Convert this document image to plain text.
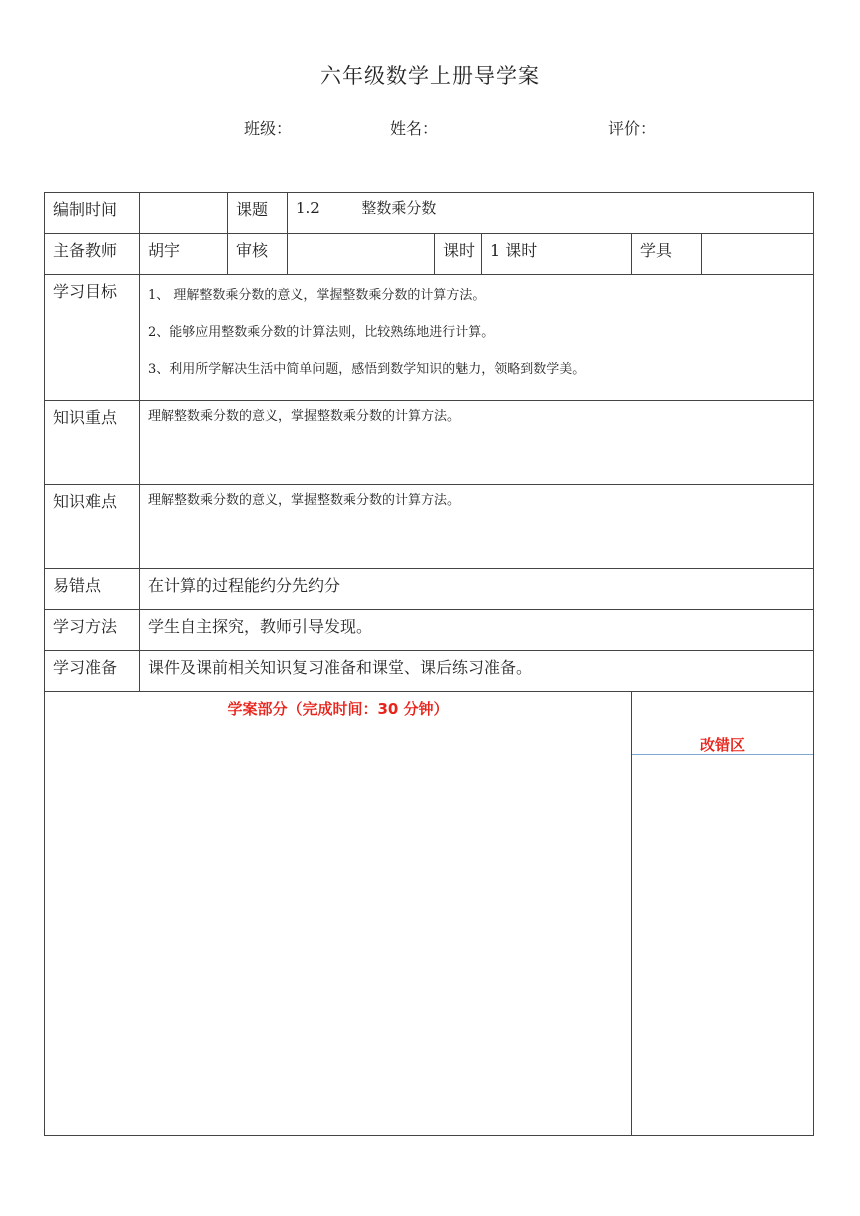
六年级数学上册导学案
班级：	姓名：	评价：
编制时间		课题	1.2 整数乘分数				
主备教师	胡宇	审核		课时	1 课时	学具	
学习目标	1、 理解整数乘分数的意义，掌握整数乘分数的计算方法。
2、能够应用整数乘分数的计算法则，比较熟练地进行计算。
3、利用所学解决生活中简单问题，感悟到数学知识的魅力，领略到数学美。						

知识重点	理解整数乘分数的意义，掌握整数乘分数的计算方法。						
知识难点	理解整数乘分数的意义，掌握整数乘分数的计算方法。						
易错点	在计算的过程能约分先约分						
学习方法	学生自主探究，教师引导发现。						
学习准备	课件及课前相关知识复习准备和课堂、课后练习准备。						
学案部分（完成时间：30 分钟）						改错区	
